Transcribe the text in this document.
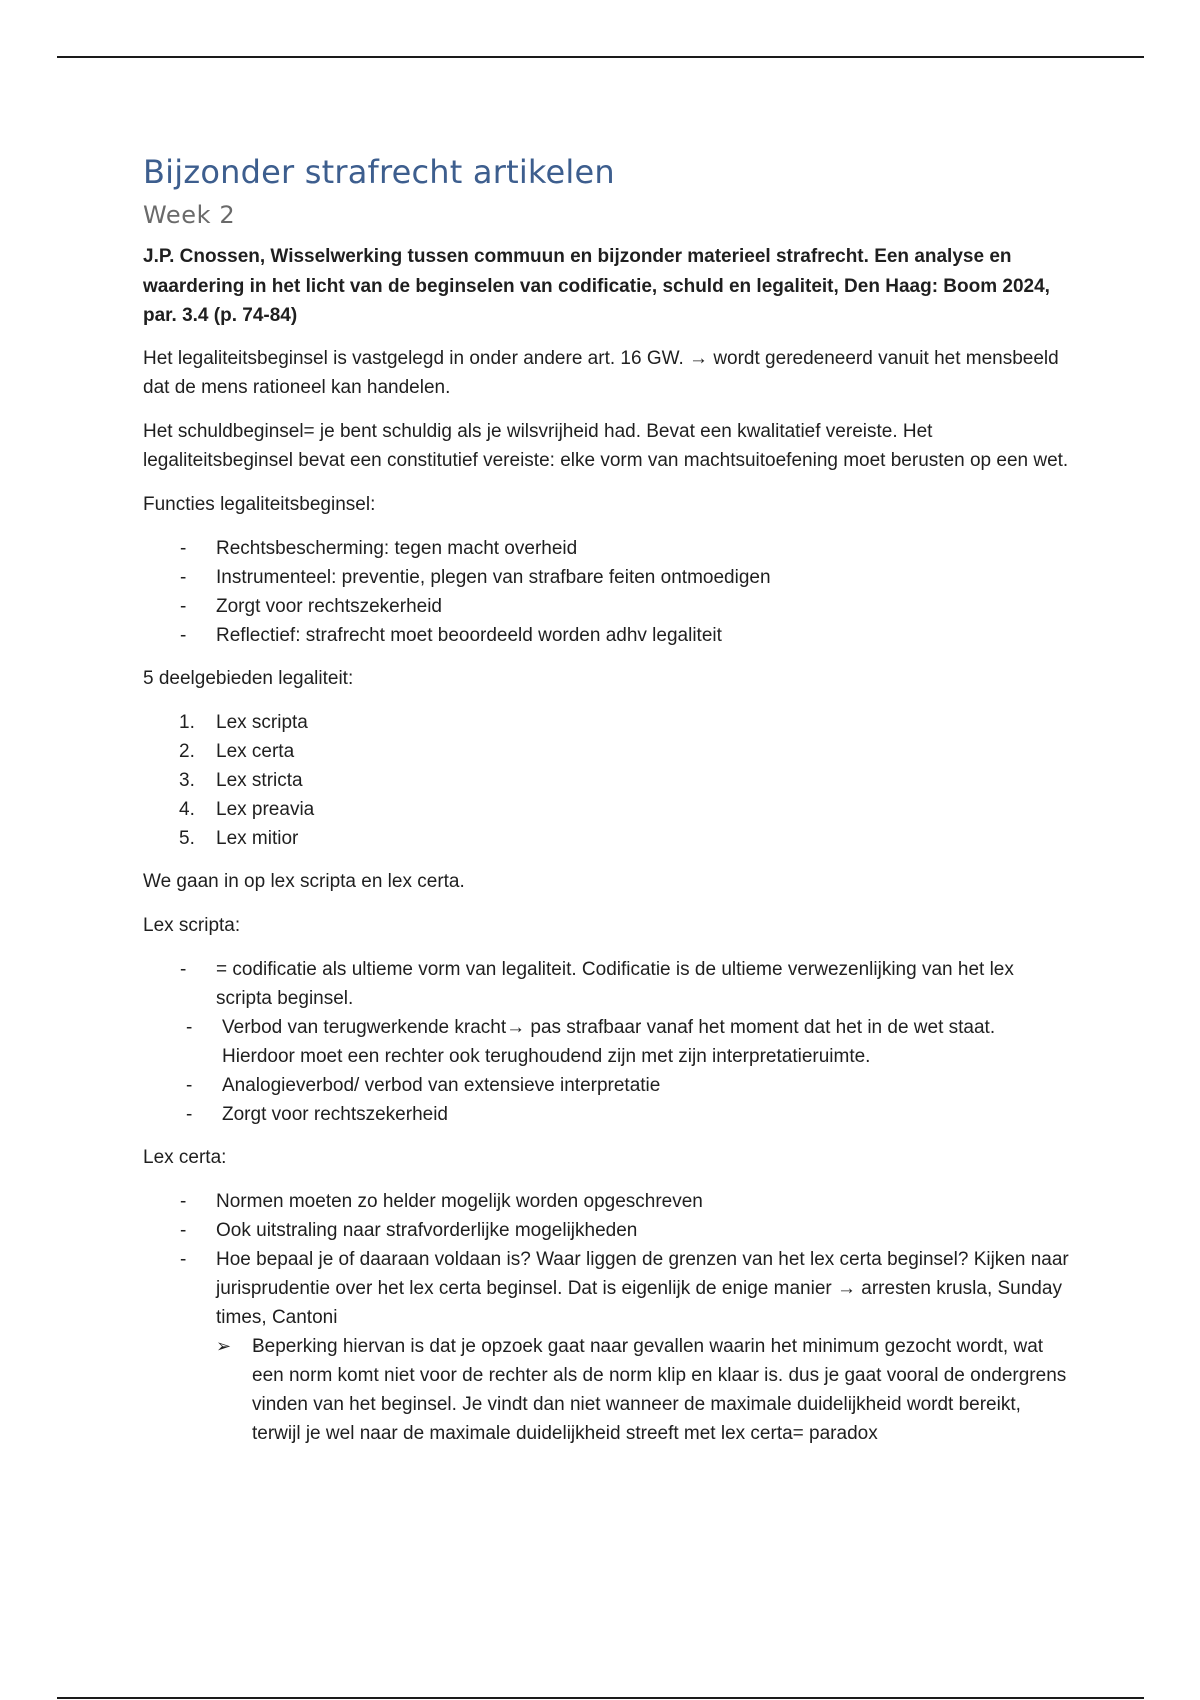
Bijzonder strafrecht artikelen
Week 2

J.P. Cnossen, Wisselwerking tussen commuun en bijzonder materieel strafrecht. Een analyse en waardering in het licht van de beginselen van codificatie, schuld en legaliteit, Den Haag: Boom 2024, par. 3.4 (p. 74-84)

Het legaliteitsbeginsel is vastgelegd in onder andere art. 16 GW. → wordt geredeneerd vanuit het mensbeeld dat de mens rationeel kan handelen.

Het schuldbeginsel= je bent schuldig als je wilsvrijheid had. Bevat een kwalitatief vereiste. Het legaliteitsbeginsel bevat een constitutief vereiste: elke vorm van machtsuitoefening moet berusten op een wet.

Functies legaliteitsbeginsel:

- Rechtsbescherming: tegen macht overheid
- Instrumenteel: preventie, plegen van strafbare feiten ontmoedigen
- Zorgt voor rechtszekerheid
- Reflectief: strafrecht moet beoordeeld worden adhv legaliteit

5 deelgebieden legaliteit:

1. Lex scripta
2. Lex certa
3. Lex stricta
4. Lex preavia
5. Lex mitior

We gaan in op lex scripta en lex certa.

Lex scripta:

- = codificatie als ultieme vorm van legaliteit. Codificatie is de ultieme verwezenlijking van het lex scripta beginsel.
- Verbod van terugwerkende kracht→ pas strafbaar vanaf het moment dat het in de wet staat. Hierdoor moet een rechter ook terughoudend zijn met zijn interpretatieruimte.
- Analogieverbod/ verbod van extensieve interpretatie
- Zorgt voor rechtszekerheid

Lex certa:

- Normen moeten zo helder mogelijk worden opgeschreven
- Ook uitstraling naar strafvorderlijke mogelijkheden
- Hoe bepaal je of daaraan voldaan is? Waar liggen de grenzen van het lex certa beginsel? Kijken naar jurisprudentie over het lex certa beginsel. Dat is eigenlijk de enige manier → arresten krusla, Sunday times, Cantoni
- ➢ Beperking hiervan is dat je opzoek gaat naar gevallen waarin het minimum gezocht wordt, wat een norm komt niet voor de rechter als de norm klip en klaar is. dus je gaat vooral de ondergrens vinden van het beginsel. Je vindt dan niet wanneer de maximale duidelijkheid wordt bereikt, terwijl je wel naar de maximale duidelijkheid streeft met lex certa= paradox
